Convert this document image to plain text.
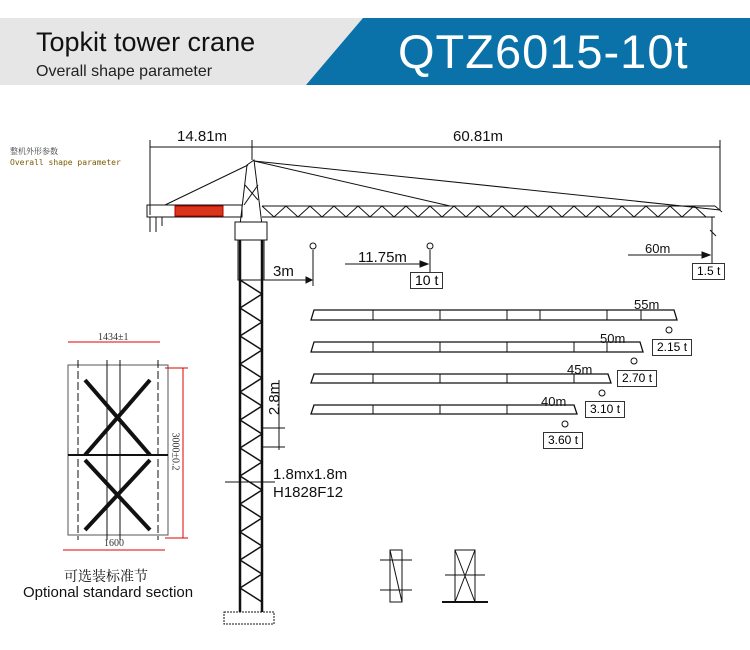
Topkit tower crane
Overall shape parameter	QTZ6015-10t
整机外形参数
Overall shape parameter
14.81m	60.81m
11.75m
10 t
60m
1.5 t
3m
55m
50m
45m
40m
2.15 t
2.70 t
3.10 t
3.60 t
2.8m
1.8mx1.8m
H1828F12
1434±1
1600
3000±0.2
可选装标准节
Optional standard section
